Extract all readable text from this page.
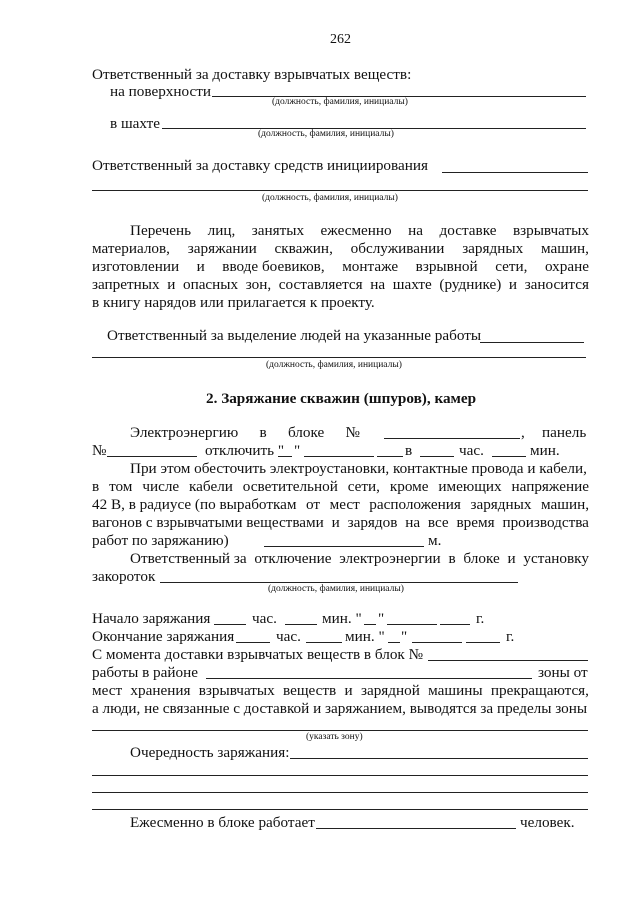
262
Ответственный за доставку взрывчатых веществ:
на поверхности
(должность, фамилия, инициалы)
в шахте
(должность, фамилия, инициалы)
Ответственный за доставку средств инициирования
(должность, фамилия, инициалы)
Перечень лиц, занятых ежесменно на доставке взрывчатых
материалов, заряжании скважин, обслуживании зарядных машин,
изготовлении и вводе боевиков, монтаже взрывной сети, охране
запретных и опасных зон, составляется на шахте (руднике) и заносится
в книгу нарядов или прилагается к проекту.
Ответственный за выделение людей на указанные работы
(должность, фамилия, инициалы)
2. Заряжание скважин (шпуров), камер
Электроэнергию в блоке №	, панель
№	отключить " "	в	час.	мин.
При этом обесточить электроустановки, контактные провода и кабели,
в том числе кабели осветительной сети, кроме имеющих напряжение
42 В, в радиусе (по выработкам от мест расположения зарядных машин,
вагонов с взрывчатыми веществами и зарядов на все время производства
работ по заряжанию)	м.
Ответственный за отключение электроэнергии в блоке и установку
закороток
(должность, фамилия, инициалы)
Начало заряжания	час.	мин. " "	г.
Окончание заряжания	час.	мин. " "	г.
С момента доставки взрывчатых веществ в блок №
работы в районе	зоны от
мест хранения взрывчатых веществ и зарядной машины прекращаются,
а люди, не связанные с доставкой и заряжанием, выводятся за пределы зоны
(указать зону)
Очередность заряжания:
Ежесменно в блоке работает	человек.
